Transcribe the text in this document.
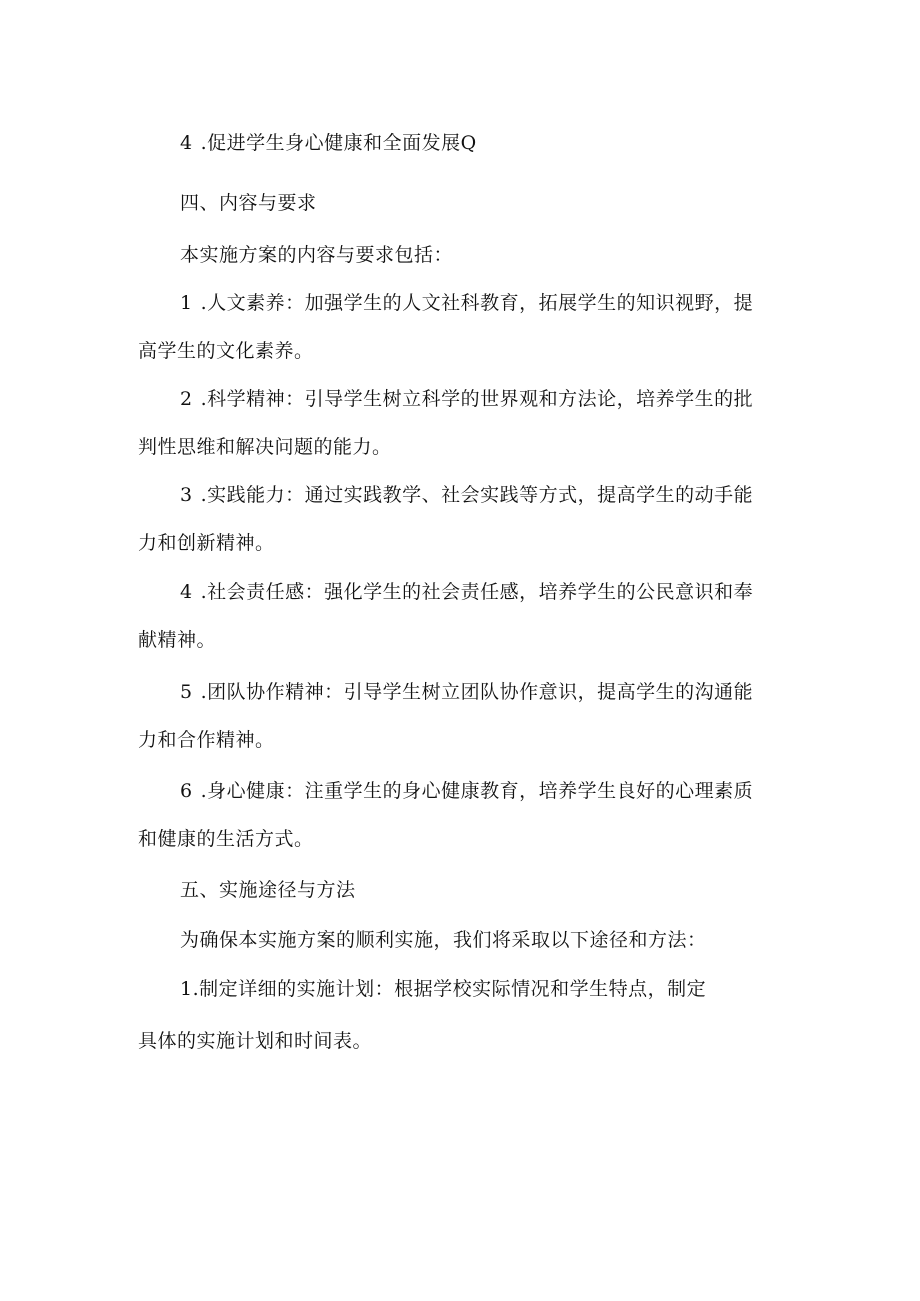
4 .促进学生身心健康和全面发展Q
四、内容与要求
本实施方案的内容与要求包括：
1 .人文素养：加强学生的人文社科教育，拓展学生的知识视野，提
高学生的文化素养。
2 .科学精神：引导学生树立科学的世界观和方法论，培养学生的批
判性思维和解决问题的能力。
3 .实践能力：通过实践教学、社会实践等方式，提高学生的动手能
力和创新精神。
4 .社会责任感：强化学生的社会责任感，培养学生的公民意识和奉
献精神。
5 .团队协作精神：引导学生树立团队协作意识，提高学生的沟通能
力和合作精神。
6 .身心健康：注重学生的身心健康教育，培养学生良好的心理素质
和健康的生活方式。
五、实施途径与方法
为确保本实施方案的顺利实施，我们将采取以下途径和方法：
1.制定详细的实施计划：根据学校实际情况和学生特点，制定
具体的实施计划和时间表。
